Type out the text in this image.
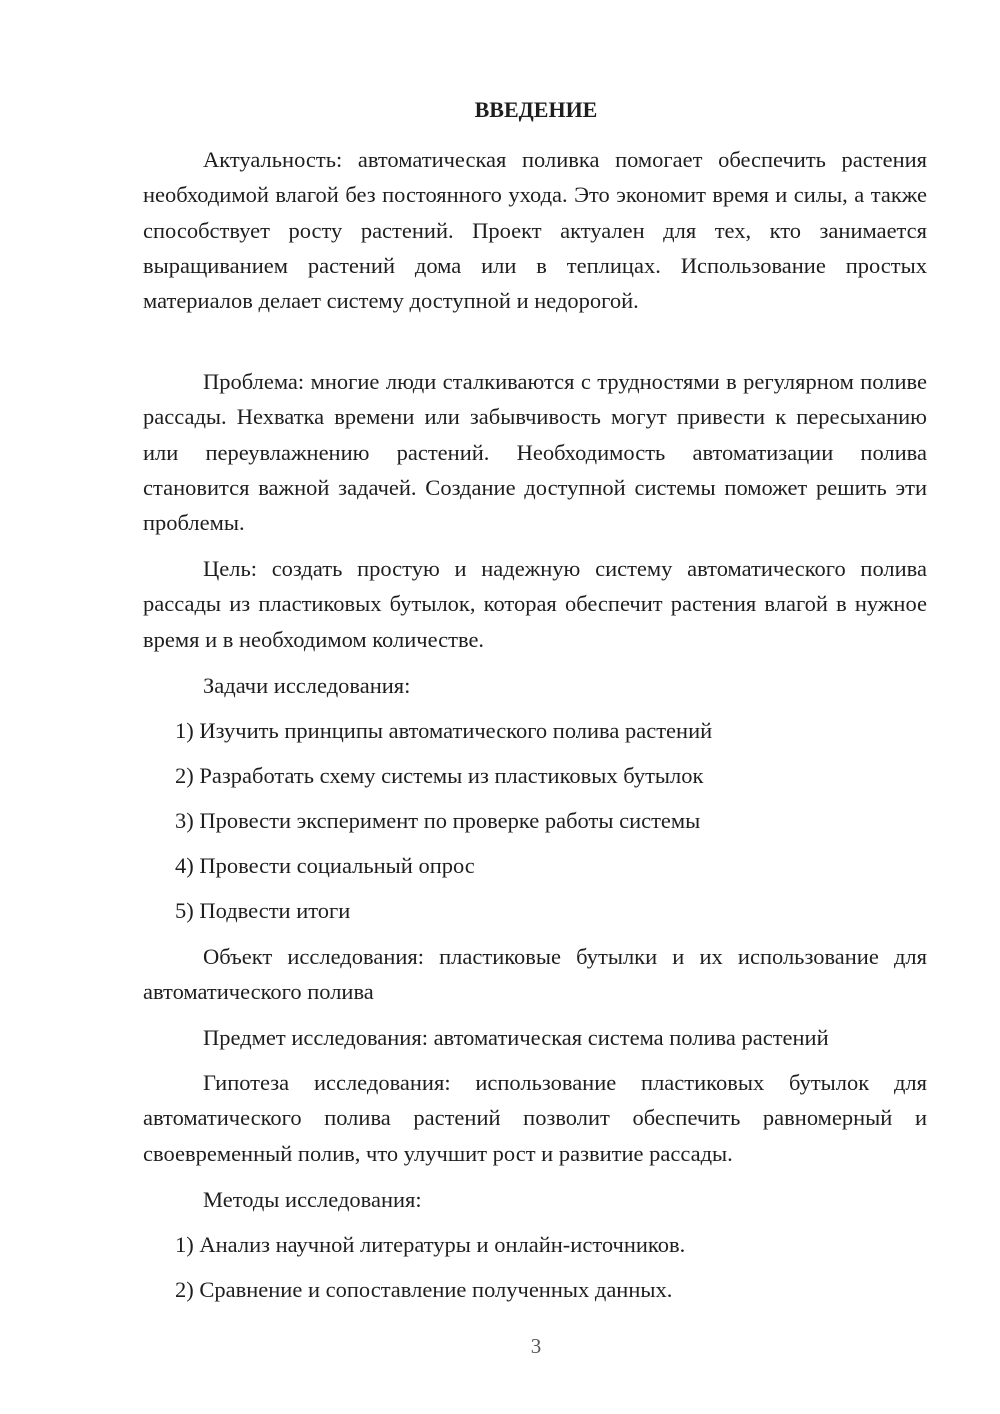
ВВЕДЕНИЕ

Актуальность: автоматическая поливка помогает обеспечить растения необходимой влагой без постоянного ухода. Это экономит время и силы, а также способствует росту растений. Проект актуален для тех, кто занимается выращиванием растений дома или в теплицах. Использование простых материалов делает систему доступной и недорогой.

Проблема: многие люди сталкиваются с трудностями в регулярном поливе рассады. Нехватка времени или забывчивость могут привести к пересыханию или переувлажнению растений. Необходимость автоматизации полива становится важной задачей. Создание доступной системы поможет решить эти проблемы.

Цель: создать простую и надежную систему автоматического полива рассады из пластиковых бутылок, которая обеспечит растения влагой в нужное время и в необходимом количестве.

Задачи исследования:
1) Изучить принципы автоматического полива растений
2) Разработать схему системы из пластиковых бутылок
3) Провести эксперимент по проверке работы системы
4) Провести социальный опрос
5) Подвести итоги

Объект исследования: пластиковые бутылки и их использование для автоматического полива

Предмет исследования: автоматическая система полива растений

Гипотеза исследования: использование пластиковых бутылок для автоматического полива растений позволит обеспечить равномерный и своевременный полив, что улучшит рост и развитие рассады.

Методы исследования:
1) Анализ научной литературы и онлайн-источников.
2) Сравнение и сопоставление полученных данных.
3
